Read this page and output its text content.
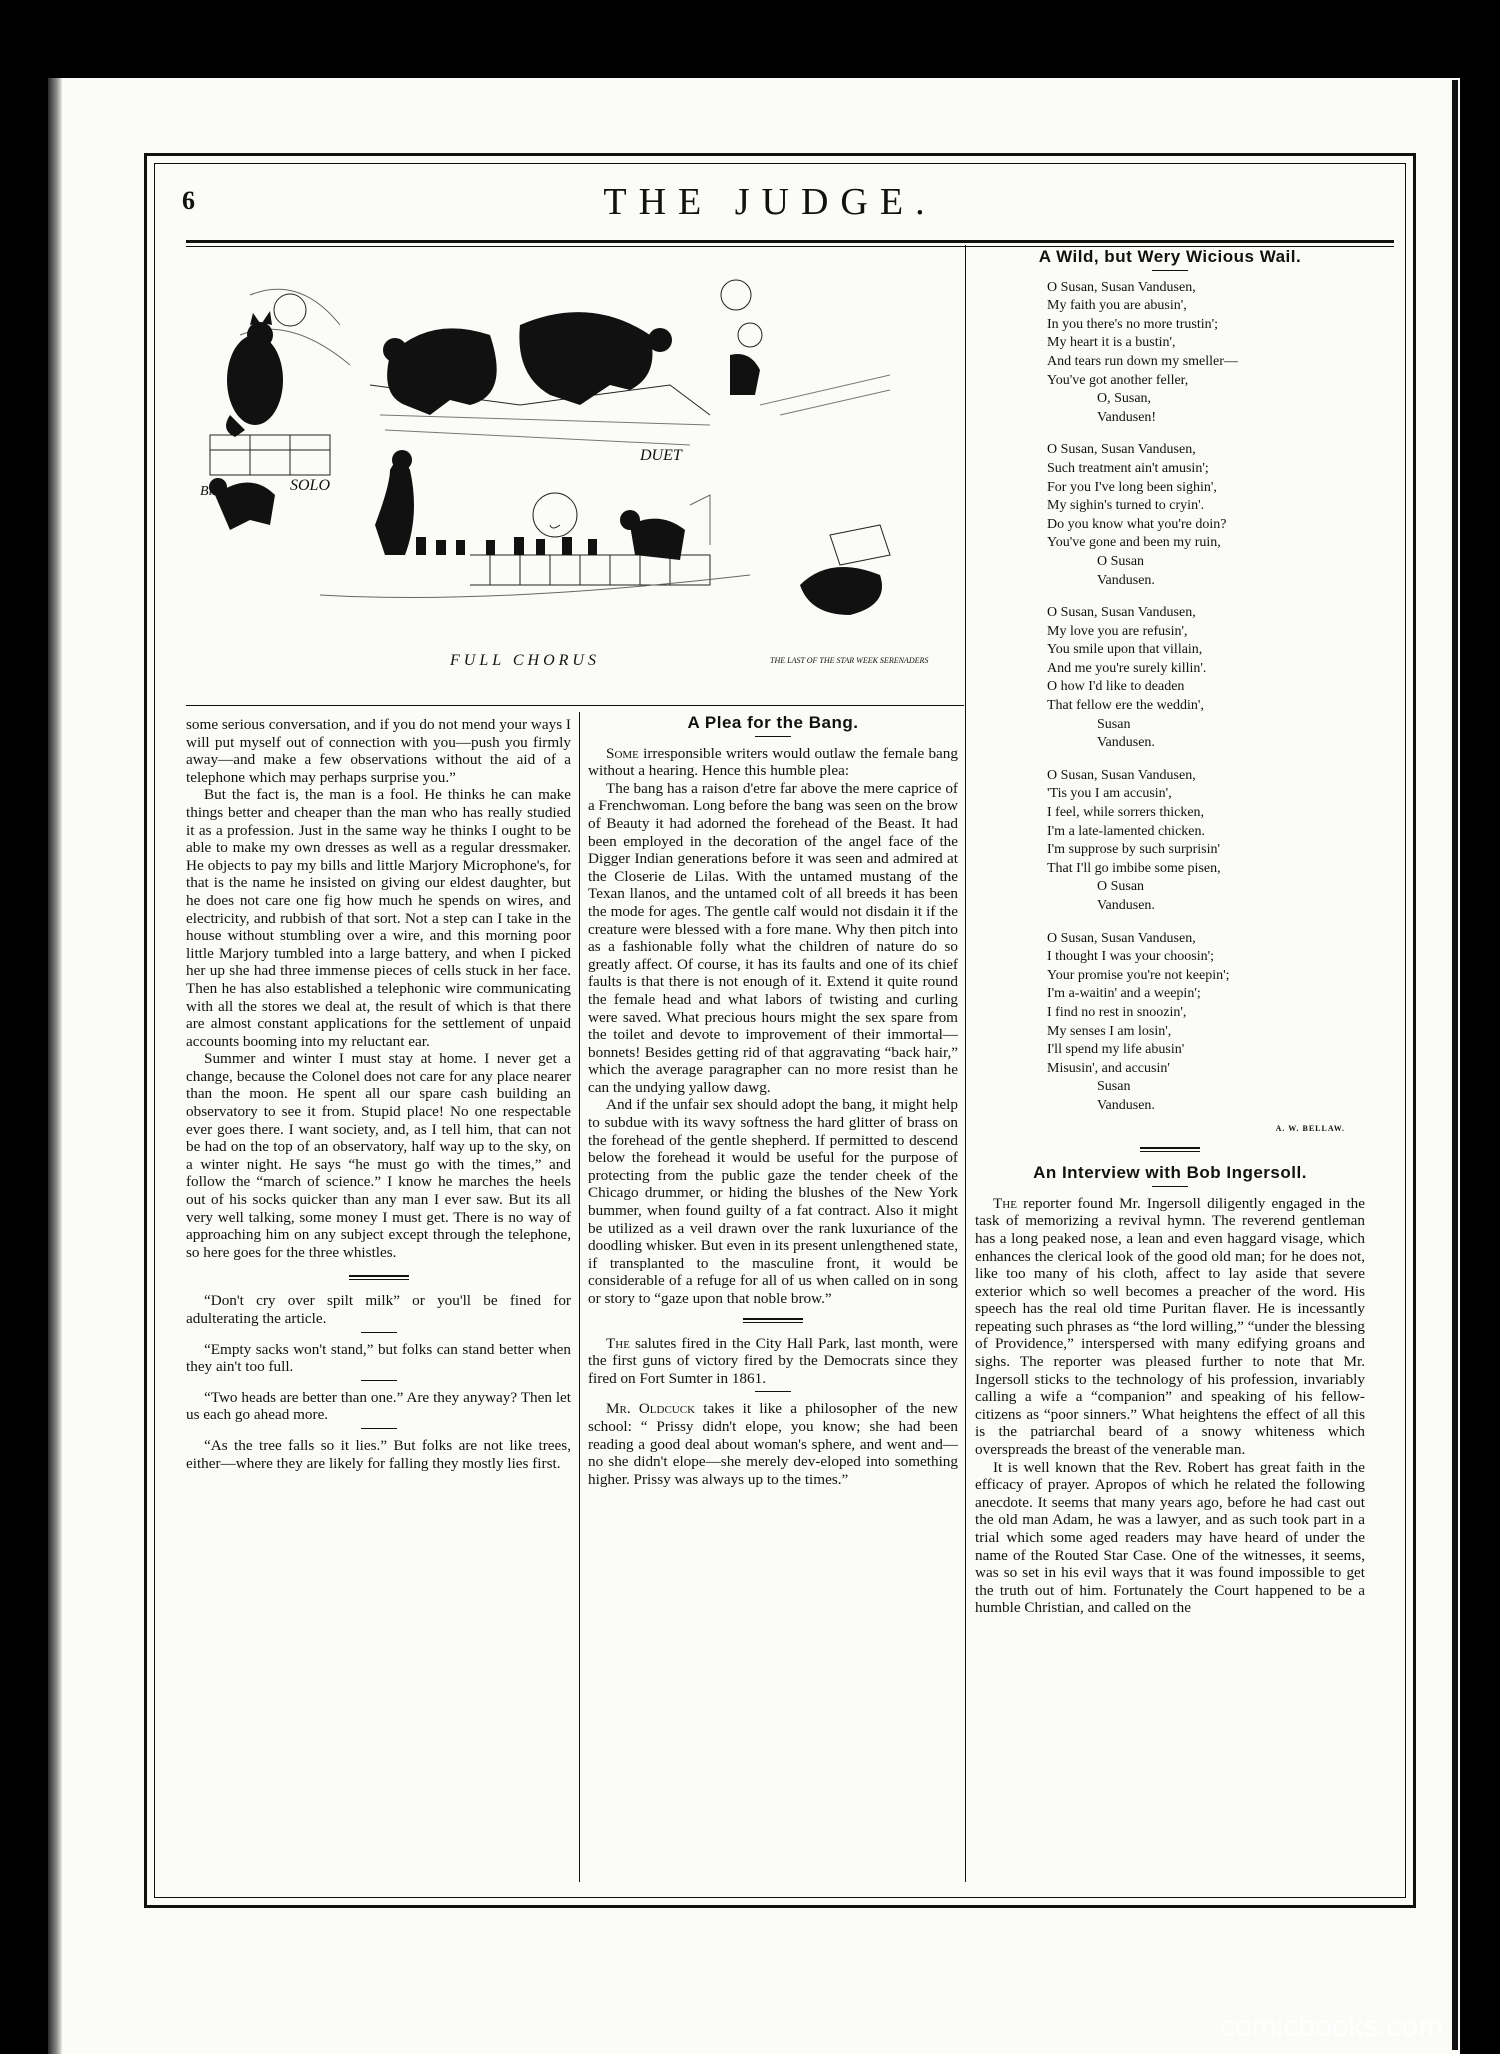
6	THE JUDGE.
Bisbee	SOLO
DUET
FULL CHORUS	THE LAST OF THE STAR WEEK SERENADERS

some serious conversation, and if you do not mend your ways I will put myself out of connection with you—push you firmly away—and make a few observations without the aid of a telephone which may perhaps surprise you.”

But the fact is, the man is a fool. He thinks he can make things better and cheaper than the man who has really studied it as a profession. Just in the same way he thinks I ought to be able to make my own dresses as well as a regular dressmaker. He objects to pay my bills and little Marjory Microphone's, for that is the name he insisted on giving our eldest daughter, but he does not care one fig how much he spends on wires, and electricity, and rubbish of that sort. Not a step can I take in the house without stumbling over a wire, and this morning poor little Marjory tumbled into a large battery, and when I picked her up she had three immense pieces of cells stuck in her face. Then he has also established a telephonic wire communicating with all the stores we deal at, the result of which is that there are almost constant applications for the settlement of unpaid accounts booming into my reluctant ear.

Summer and winter I must stay at home. I never get a change, because the Colonel does not care for any place nearer than the moon. He spent all our spare cash building an observatory to see it from. Stupid place! No one respectable ever goes there. I want society, and, as I tell him, that can not be had on the top of an observatory, half way up to the sky, on a winter night. He says “he must go with the times,” and follow the “march of science.” I know he marches the heels out of his socks quicker than any man I ever saw. But its all very well talking, some money I must get. There is no way of approaching him on any subject except through the telephone, so here goes for the three whistles.

“Don't cry over spilt milk” or you'll be fined for adulterating the article.

“Empty sacks won't stand,” but folks can stand better when they ain't too full.

“Two heads are better than one.” Are they anyway? Then let us each go ahead more.

“As the tree falls so it lies.” But folks are not like trees, either—where they are likely for falling they mostly lies first.

A Plea for the Bang.

Some irresponsible writers would outlaw the female bang without a hearing. Hence this humble plea:

The bang has a raison d'etre far above the mere caprice of a Frenchwoman. Long before the bang was seen on the brow of Beauty it had adorned the forehead of the Beast. It had been employed in the decoration of the angel face of the Digger Indian generations before it was seen and admired at the Closerie de Lilas. With the untamed mustang of the Texan llanos, and the untamed colt of all breeds it has been the mode for ages. The gentle calf would not disdain it if the creature were blessed with a fore mane. Why then pitch into as a fashionable folly what the children of nature do so greatly affect. Of course, it has its faults and one of its chief faults is that there is not enough of it. Extend it quite round the female head and what labors of twisting and curling were saved. What precious hours might the sex spare from the toilet and devote to improvement of their immortal—bonnets! Besides getting rid of that aggravating “back hair,” which the average paragrapher can no more resist than he can the undying yallow dawg.

And if the unfair sex should adopt the bang, it might help to subdue with its wavy softness the hard glitter of brass on the forehead of the gentle shepherd. If permitted to descend below the forehead it would be useful for the purpose of protecting from the public gaze the tender cheek of the Chicago drummer, or hiding the blushes of the New York bummer, when found guilty of a fat contract. Also it might be utilized as a veil drawn over the rank luxuriance of the doodling whisker. But even in its present unlengthened state, if transplanted to the masculine front, it would be considerable of a refuge for all of us when called on in song or story to “gaze upon that noble brow.”

The salutes fired in the City Hall Park, last month, were the first guns of victory fired by the Democrats since they fired on Fort Sumter in 1861.

Mr. Oldcuck takes it like a philosopher of the new school: “ Prissy didn't elope, you know; she had been reading a good deal about woman's sphere, and went and—no she didn't elope—she merely dev-eloped into something higher. Prissy was always up to the times.”

A Wild, but Wery Wicious Wail.
O Susan, Susan Vandusen,
My faith you are abusin',
In you there's no more trustin';
My heart it is a bustin',
And tears run down my smeller—
You've got another feller,
O, Susan,
Vandusen!
O Susan, Susan Vandusen,
Such treatment ain't amusin';
For you I've long been sighin',
My sighin's turned to cryin'.
Do you know what you're doin?
You've gone and been my ruin,
O Susan
Vandusen.
O Susan, Susan Vandusen,
My love you are refusin',
You smile upon that villain,
And me you're surely killin'.
O how I'd like to deaden
That fellow ere the weddin',
Susan
Vandusen.
O Susan, Susan Vandusen,
'Tis you I am accusin',
I feel, while sorrers thicken,
I'm a late-lamented chicken.
I'm supprose by such surprisin'
That I'll go imbibe some pisen,
O Susan
Vandusen.
O Susan, Susan Vandusen,
I thought I was your choosin';
Your promise you're not keepin';
I'm a-waitin' and a weepin';
I find no rest in snoozin',
My senses I am losin',
I'll spend my life abusin'
Misusin', and accusin'
Susan
Vandusen.
A. W. BELLAW.
An Interview with Bob Ingersoll.

The reporter found Mr. Ingersoll diligently engaged in the task of memorizing a revival hymn. The reverend gentleman has a long peaked nose, a lean and even haggard visage, which enhances the clerical look of the good old man; for he does not, like too many of his cloth, affect to lay aside that severe exterior which so well becomes a preacher of the word. His speech has the real old time Puritan flaver. He is incessantly repeating such phrases as “the lord willing,” “under the blessing of Providence,” interspersed with many edifying groans and sighs. The reporter was pleased further to note that Mr. Ingersoll sticks to the technology of his profession, invariably calling a wife a “companion” and speaking of his fellow-citizens as “poor sinners.” What heightens the effect of all this is the patriarchal beard of a snowy whiteness which overspreads the breast of the venerable man.

It is well known that the Rev. Robert has great faith in the efficacy of prayer. Apropos of which he related the following anecdote. It seems that many years ago, before he had cast out the old man Adam, he was a lawyer, and as such took part in a trial which some aged readers may have heard of under the name of the Routed Star Case. One of the witnesses, it seems, was so set in his evil ways that it was found impossible to get the truth out of him. Fortunately the Court happened to be a humble Christian, and called on the

comicbooks.com
